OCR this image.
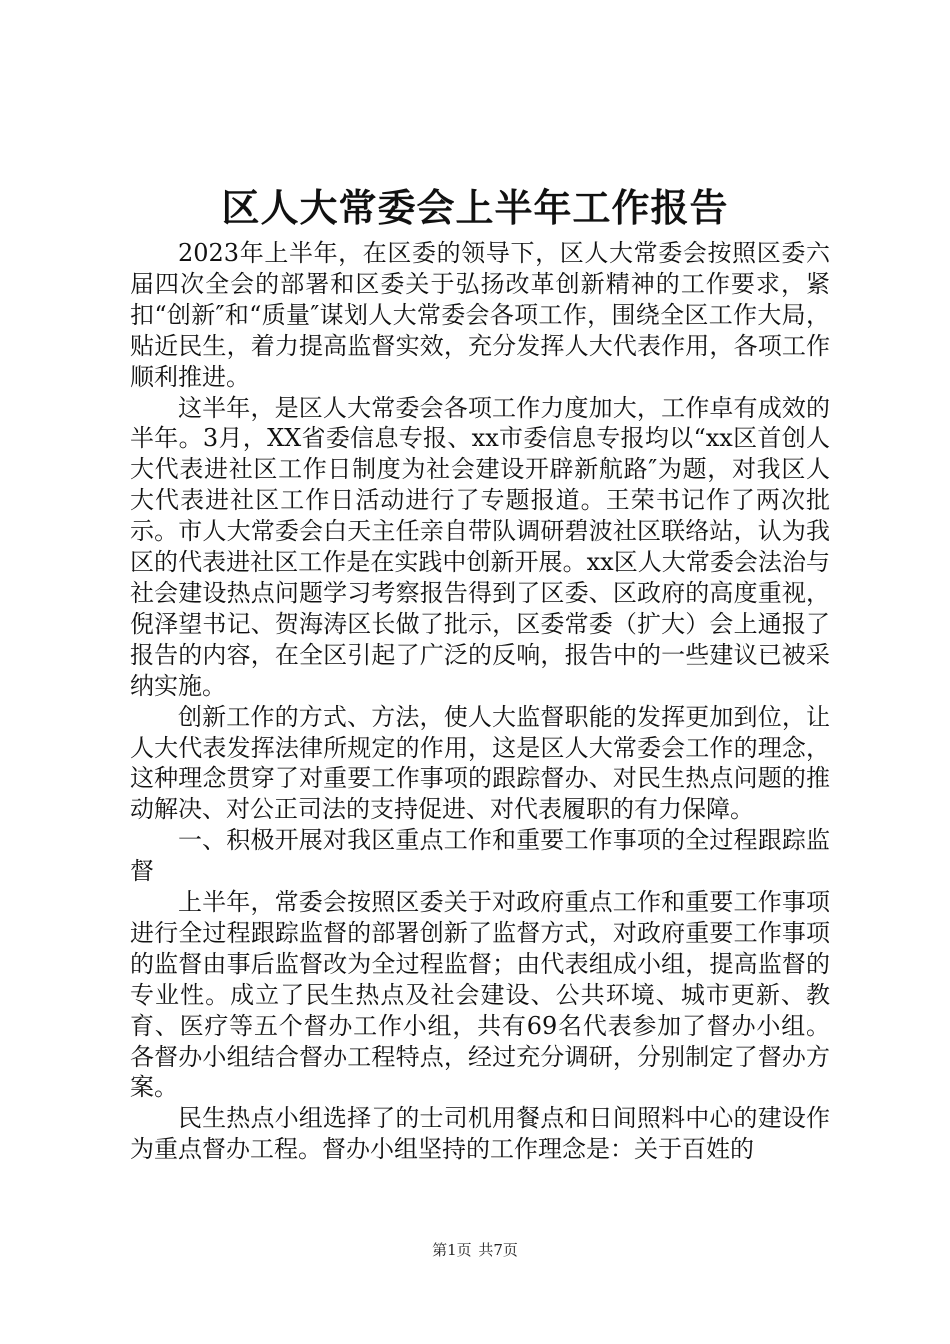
区人大常委会上半年工作报告

2023年上半年，在区委的领导下，区人大常委会按照区委六届四次全会的部署和区委关于弘扬改革创新精神的工作要求，紧扣“创新″和“质量″谋划人大常委会各项工作，围绕全区工作大局，贴近民生，着力提高监督实效，充分发挥人大代表作用，各项工作顺利推进。

这半年，是区人大常委会各项工作力度加大，工作卓有成效的半年。3月，XX省委信息专报、xx市委信息专报均以“xx区首创人大代表进社区工作日制度为社会建设开辟新航路″为题，对我区人大代表进社区工作日活动进行了专题报道。王荣书记作了两次批示。市人大常委会白天主任亲自带队调研碧波社区联络站，认为我区的代表进社区工作是在实践中创新开展。xx区人大常委会法治与社会建设热点问题学习考察报告得到了区委、区政府的高度重视，倪泽望书记、贺海涛区长做了批示，区委常委（扩大）会上通报了报告的内容，在全区引起了广泛的反响，报告中的一些建议已被采纳实施。

创新工作的方式、方法，使人大监督职能的发挥更加到位，让人大代表发挥法律所规定的作用，这是区人大常委会工作的理念，这种理念贯穿了对重要工作事项的跟踪督办、对民生热点问题的推动解决、对公正司法的支持促进、对代表履职的有力保障。

一、积极开展对我区重点工作和重要工作事项的全过程跟踪监督

上半年，常委会按照区委关于对政府重点工作和重要工作事项进行全过程跟踪监督的部署创新了监督方式，对政府重要工作事项的监督由事后监督改为全过程监督；由代表组成小组，提高监督的专业性。成立了民生热点及社会建设、公共环境、城市更新、教育、医疗等五个督办工作小组，共有69名代表参加了督办小组。各督办小组结合督办工程特点，经过充分调研，分别制定了督办方案。

民生热点小组选择了的士司机用餐点和日间照料中心的建设作为重点督办工程。督办小组坚持的工作理念是：关于百姓的

第1页 共7页
